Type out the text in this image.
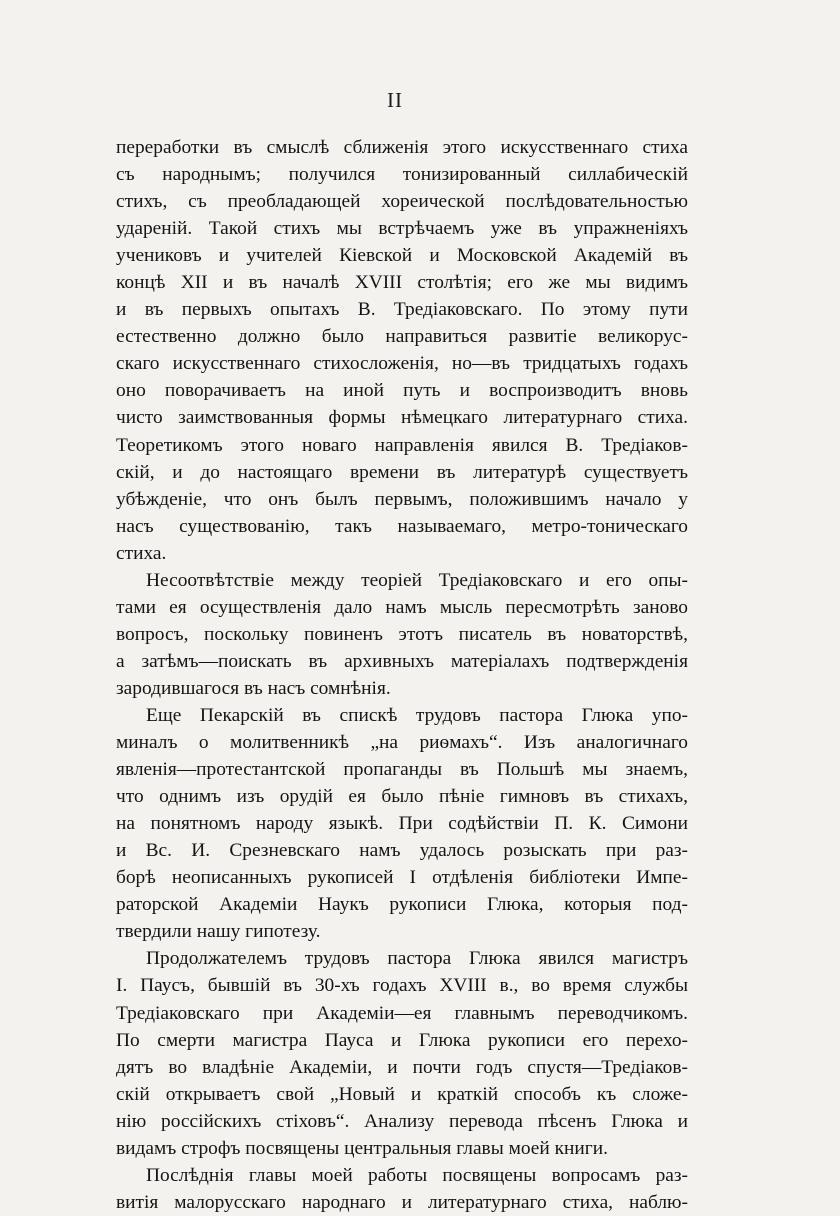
II
переработки въ смыслѣ сближенія этого искусственнаго стиха
съ народнымъ; получился тонизированный силлабическій
стихъ, съ преобладающей хореической послѣдовательностью
ударeній. Такой стихъ мы встрѣчаемъ уже въ упражненіяхъ
учениковъ и учителей Кіевской и Московской Академій въ
концѣ XII и въ началѣ XVIII столѣтія; его же мы видимъ
и въ первыхъ опытахъ В. Тредіаковскаго. По этому пути
естественно должно было направиться развитіе великорус-
скаго искусственнаго стихосложенія, но—въ тридцатыхъ годахъ
оно поворачиваетъ на иной путь и воспроизводитъ вновь
чисто заимствованныя формы нѣмецкаго литературнаго стиха.
Теоретикомъ этого новаго направленія явился В. Тредіаков-
скій, и до настоящаго времени въ литературѣ существуетъ
убѣжденіе, что онъ былъ первымъ, положившимъ начало у
насъ существованію, такъ называемаго, метро-тоническаго
стиха.
Несоотвѣтствіе между теоріей Тредіаковскаго и его опы-
тами ея осуществленія дало намъ мысль пересмотрѣть заново
вопросъ, поскольку повиненъ этотъ писатель въ новаторствѣ,
а затѣмъ—поискать въ архивныхъ матеріалахъ подтвержденія
зародившагося въ насъ сомнѣнія.
Еще Пекарскій въ спискѣ трудовъ пастора Глюка упо-
миналъ о молитвенникѣ „на риѳмахъ“. Изъ аналогичнаго
явленія—протестантской пропаганды въ Польшѣ мы знаемъ,
что однимъ изъ орудій ея было пѣніе гимновъ въ стихахъ,
на понятномъ народу языкѣ. При содѣйствіи П. К. Симони
и Вс. И. Срезневскаго намъ удалось розыскать при раз-
борѣ неописанныхъ рукописей I отдѣленія библіотеки Импе-
раторской Академіи Наукъ рукописи Глюка, которыя под-
твердили нашу гипотезу.
Продолжателемъ трудовъ пастора Глюка явился магистръ
I. Паусъ, бывшій въ 30-хъ годахъ XVIII в., во время службы
Тредіаковскаго при Академіи—ея главнымъ переводчикомъ.
По смерти магистра Пауса и Глюка рукописи его перехо-
дятъ во владѣніе Академіи, и почти годъ спустя—Тредіаков-
скій открываетъ свой „Новый и краткій способъ къ сложе-
нію россійскихъ стіховъ“. Анализу перевода пѣсенъ Глюка и
видамъ строфъ посвящены центральныя главы моей книги.
Послѣднія главы моей работы посвящены вопросамъ раз-
витія малорусскаго народнаго и литературнаго стиха, наблю-
